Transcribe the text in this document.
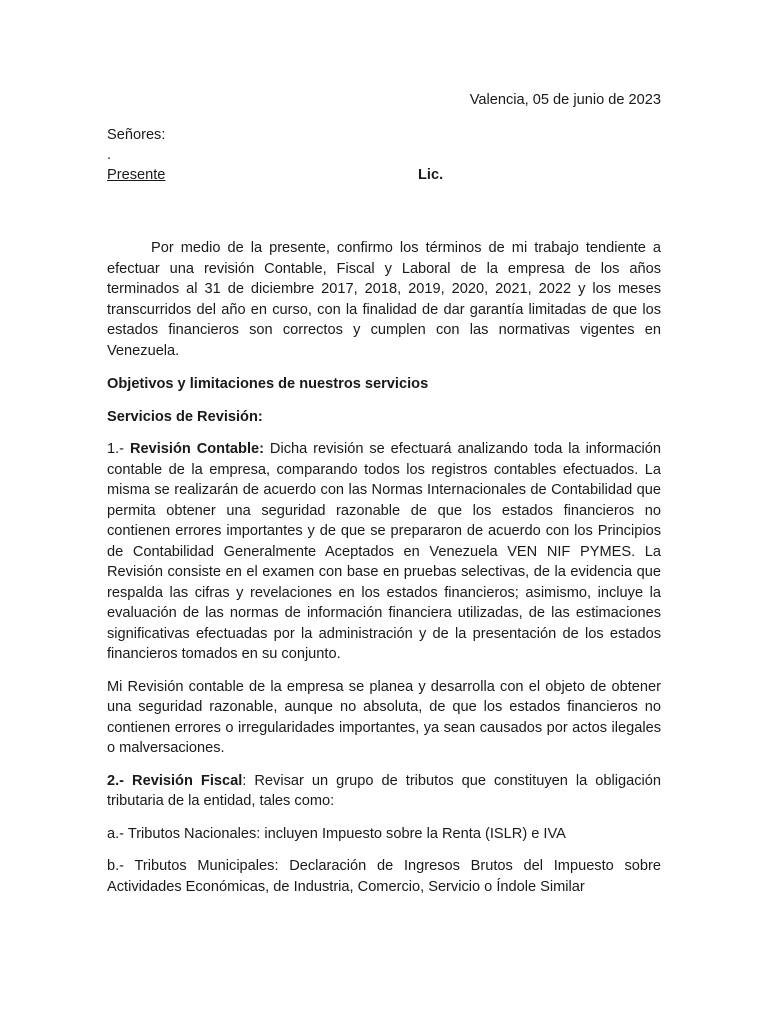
Valencia, 05 de junio de 2023
Señores:
.
Presente	Lic.

Por medio de la presente, confirmo los términos de mi trabajo tendiente a efectuar una revisión Contable, Fiscal y Laboral de la empresa de los años terminados al 31 de diciembre 2017, 2018, 2019, 2020, 2021, 2022 y los meses transcurridos del año en curso, con la finalidad de dar garantía limitadas de que los estados financieros son correctos y cumplen con las normativas vigentes en Venezuela.

Objetivos y limitaciones de nuestros servicios

Servicios de Revisión:

1.- Revisión Contable: Dicha revisión se efectuará analizando toda la información contable de la empresa, comparando todos los registros contables efectuados. La misma se realizarán de acuerdo con las Normas Internacionales de Contabilidad que permita obtener una seguridad razonable de que los estados financieros no contienen errores importantes y de que se prepararon de acuerdo con los Principios de Contabilidad Generalmente Aceptados en Venezuela VEN NIF PYMES. La Revisión consiste en el examen con base en pruebas selectivas, de la evidencia que respalda las cifras y revelaciones en los estados financieros; asimismo, incluye la evaluación de las normas de información financiera utilizadas, de las estimaciones significativas efectuadas por la administración y de la presentación de los estados financieros tomados en su conjunto.

Mi Revisión contable de la empresa se planea y desarrolla con el objeto de obtener una seguridad razonable, aunque no absoluta, de que los estados financieros no contienen errores o irregularidades importantes, ya sean causados por actos ilegales o malversaciones.

2.- Revisión Fiscal: Revisar un grupo de tributos que constituyen la obligación tributaria de la entidad, tales como:

a.- Tributos Nacionales: incluyen Impuesto sobre la Renta (ISLR) e IVA

b.- Tributos Municipales: Declaración de Ingresos Brutos del Impuesto sobre Actividades Económicas, de Industria, Comercio, Servicio o Índole Similar
